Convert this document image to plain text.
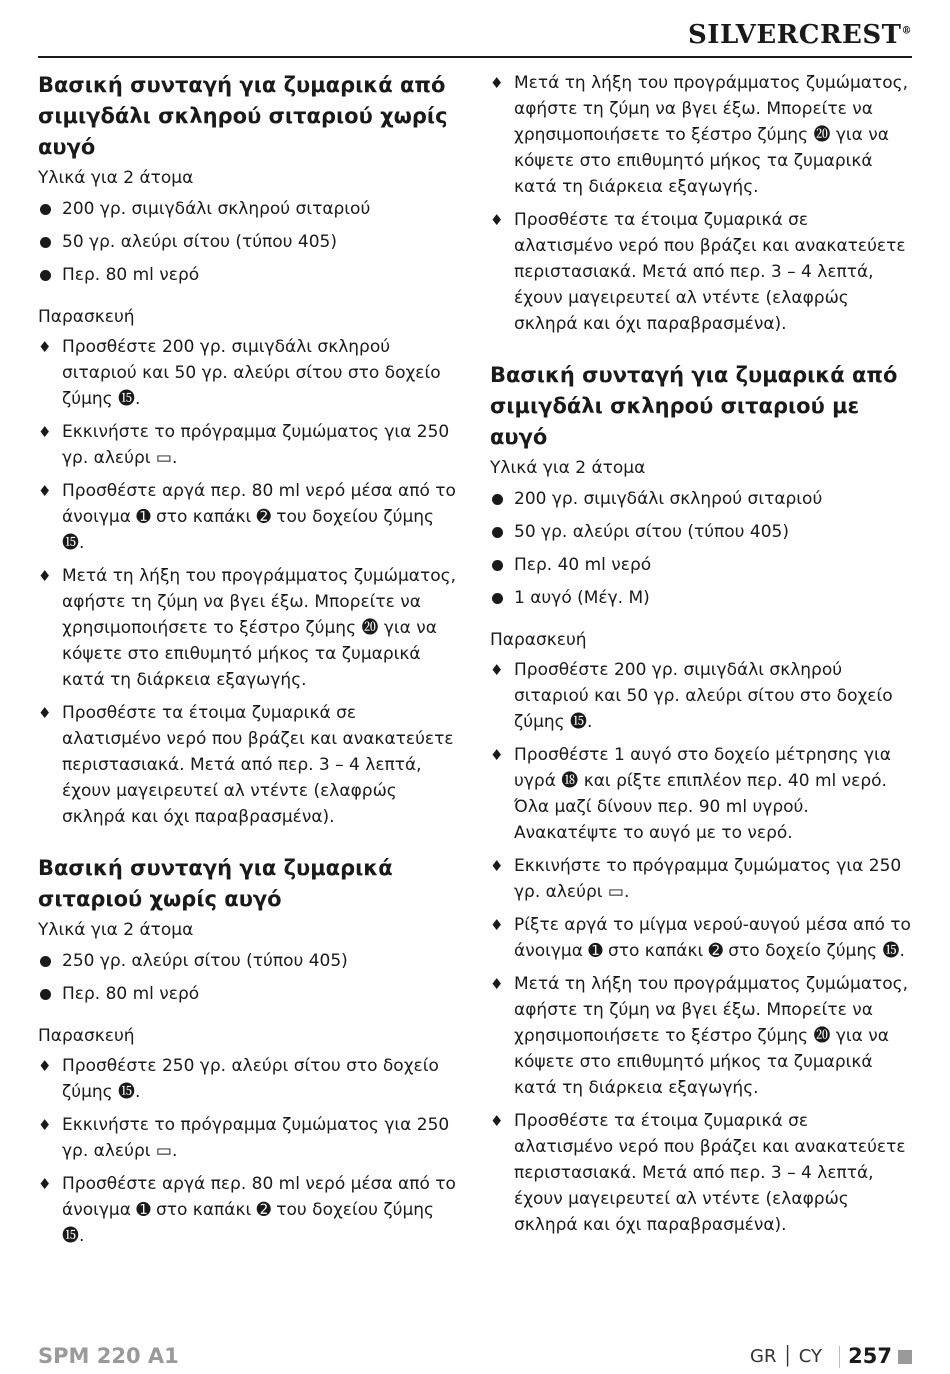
SILVERCREST®
Βασική συνταγή για ζυμαρικά από σιμιγδάλι σκληρού σιταριού χωρίς αυγό
Υλικά για 2 άτομα
200 γρ. σιμιγδάλι σκληρού σιταριού
50 γρ. αλεύρι σίτου (τύπου 405)
Περ. 80 ml νερό
Παρασκευή
♦ Προσθέστε 200 γρ. σιμιγδάλι σκληρού σιταριού και 50 γρ. αλεύρι σίτου στο δοχείο ζύμης ⓯.
♦ Εκκινήστε το πρόγραμμα ζυμώματος για 250 γρ. αλεύρι ▭.
♦ Προσθέστε αργά περ. 80 ml νερό μέσα από το άνοιγμα ➊ στο καπάκι ➋ του δοχείου ζύμης ⓯.
♦ Μετά τη λήξη του προγράμματος ζυμώματος, αφήστε τη ζύμη να βγει έξω. Μπορείτε να χρησιμοποιήσετε το ξέστρο ζύμης ⓴ για να κόψετε στο επιθυμητό μήκος τα ζυμαρικά κατά τη διάρκεια εξαγωγής.
♦ Προσθέστε τα έτοιμα ζυμαρικά σε αλατισμένο νερό που βράζει και ανακατεύετε περιστασιακά. Μετά από περ. 3 – 4 λεπτά, έχουν μαγειρευτεί αλ ντέντε (ελαφρώς σκληρά και όχι παραβρασμένα).
Βασική συνταγή για ζυμαρικά σιταριού χωρίς αυγό
Υλικά για 2 άτομα
250 γρ. αλεύρι σίτου (τύπου 405)
Περ. 80 ml νερό
Παρασκευή
♦ Προσθέστε 250 γρ. αλεύρι σίτου στο δοχείο ζύμης ⓯.
♦ Εκκινήστε το πρόγραμμα ζυμώματος για 250 γρ. αλεύρι ▭.
♦ Προσθέστε αργά περ. 80 ml νερό μέσα από το άνοιγμα ➊ στο καπάκι ➋ του δοχείου ζύμης ⓯.
♦ Μετά τη λήξη του προγράμματος ζυμώματος, αφήστε τη ζύμη να βγει έξω. Μπορείτε να χρησιμοποιήσετε το ξέστρο ζύμης ⓴ για να κόψετε στο επιθυμητό μήκος τα ζυμαρικά κατά τη διάρκεια εξαγωγής.
♦ Προσθέστε τα έτοιμα ζυμαρικά σε αλατισμένο νερό που βράζει και ανακατεύετε περιστασιακά. Μετά από περ. 3 – 4 λεπτά, έχουν μαγειρευτεί αλ ντέντε (ελαφρώς σκληρά και όχι παραβρασμένα).
Βασική συνταγή για ζυμαρικά από σιμιγδάλι σκληρού σιταριού με αυγό
Υλικά για 2 άτομα
200 γρ. σιμιγδάλι σκληρού σιταριού
50 γρ. αλεύρι σίτου (τύπου 405)
Περ. 40 ml νερό
1 αυγό (Μέγ. M)
Παρασκευή
♦ Προσθέστε 200 γρ. σιμιγδάλι σκληρού σιταριού και 50 γρ. αλεύρι σίτου στο δοχείο ζύμης ⓯.
♦ Προσθέστε 1 αυγό στο δοχείο μέτρησης για υγρά ⓲ και ρίξτε επιπλέον περ. 40 ml νερό. Όλα μαζί δίνουν περ. 90 ml υγρού. Ανακατέψτε το αυγό με το νερό.
♦ Εκκινήστε το πρόγραμμα ζυμώματος για 250 γρ. αλεύρι ▭.
♦ Ρίξτε αργά το μίγμα νερού-αυγού μέσα από το άνοιγμα ➊ στο καπάκι ➋ στο δοχείο ζύμης ⓯.
♦ Μετά τη λήξη του προγράμματος ζυμώματος, αφήστε τη ζύμη να βγει έξω. Μπορείτε να χρησιμοποιήσετε το ξέστρο ζύμης ⓴ για να κόψετε στο επιθυμητό μήκος τα ζυμαρικά κατά τη διάρκεια εξαγωγής.
♦ Προσθέστε τα έτοιμα ζυμαρικά σε αλατισμένο νερό που βράζει και ανακατεύετε περιστασιακά. Μετά από περ. 3 – 4 λεπτά, έχουν μαγειρευτεί αλ ντέντε (ελαφρώς σκληρά και όχι παραβρασμένα).
SPM 220 A1	GR │ CY 257
